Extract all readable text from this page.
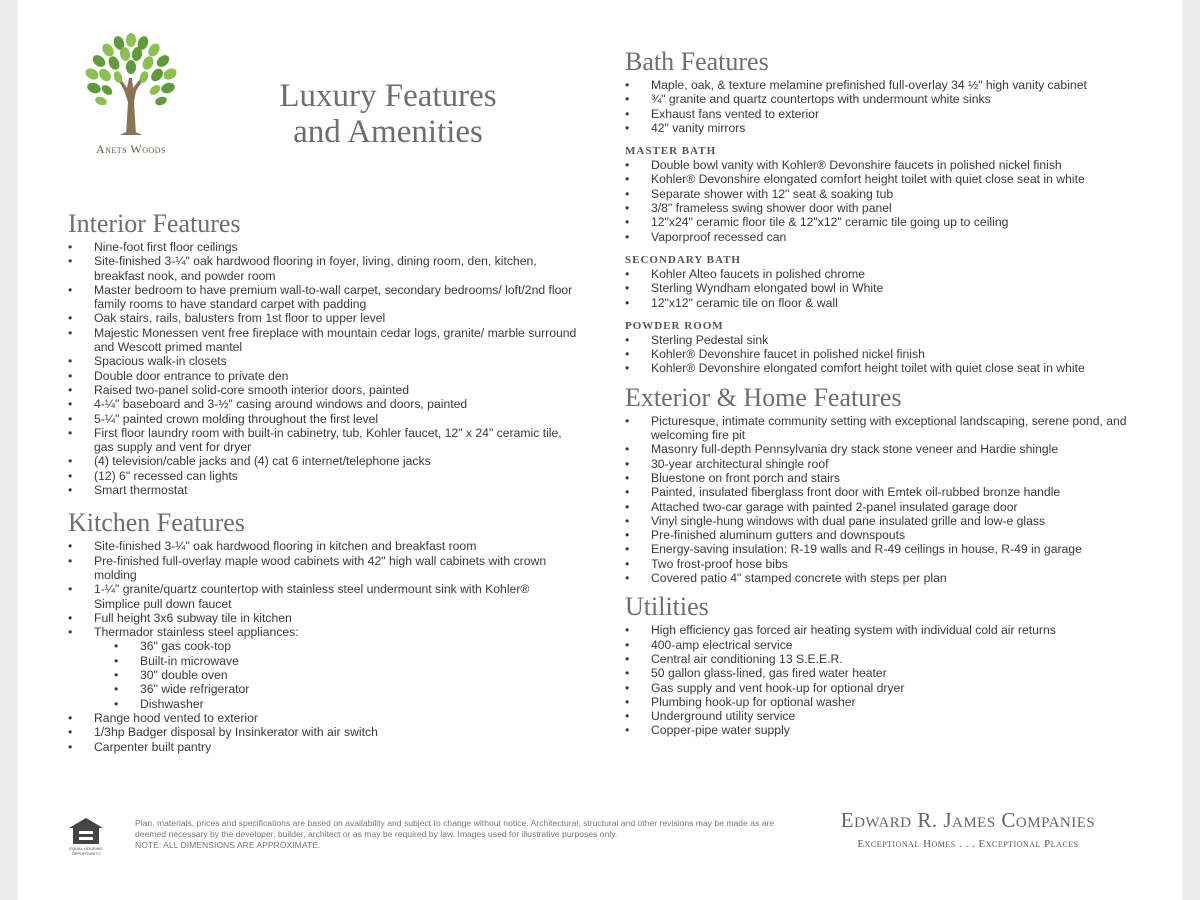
Anets Woods
Luxury Features
and Amenities
Interior Features
• Nine-foot first floor ceilings
• Site-finished 3-¼" oak hardwood flooring in foyer, living, dining room, den, kitchen, breakfast nook, and powder room
• Master bedroom to have premium wall-to-wall carpet, secondary bedrooms/ loft/2nd floor family rooms to have standard carpet with padding
• Oak stairs, rails, balusters from 1st floor to upper level
• Majestic Monessen vent free fireplace with mountain cedar logs, granite/ marble surround and Wescott primed mantel
• Spacious walk-in closets
• Double door entrance to private den
• Raised two-panel solid-core smooth interior doors, painted
• 4-¼" baseboard and 3-½" casing around windows and doors, painted
• 5-¼" painted crown molding throughout the first level
• First floor laundry room with built-in cabinetry, tub, Kohler faucet, 12" x 24" ceramic tile, gas supply and vent for dryer
• (4) television/cable jacks and (4) cat 6 internet/telephone jacks
• (12) 6" recessed can lights
• Smart thermostat
Kitchen Features
• Site-finished 3-¼" oak hardwood flooring in kitchen and breakfast room
• Pre-finished full-overlay maple wood cabinets with 42" high wall cabinets with crown molding
• 1-¼" granite/quartz countertop with stainless steel undermount sink with Kohler® Simplice pull down faucet
• Full height 3x6 subway tile in kitchen
• Thermador stainless steel appliances:
• 36" gas cook-top
• Built-in microwave
• 30" double oven
• 36" wide refrigerator
• Dishwasher
• Range hood vented to exterior
• 1/3hp Badger disposal by Insinkerator with air switch
• Carpenter built pantry
Bath Features
• Maple, oak, & texture melamine prefinished full-overlay 34 ½" high vanity cabinet
• ¾" granite and quartz countertops with undermount white sinks
• Exhaust fans vented to exterior
• 42" vanity mirrors
MASTER BATH
• Double bowl vanity with Kohler® Devonshire faucets in polished nickel finish
• Kohler® Devonshire elongated comfort height toilet with quiet close seat in white
• Separate shower with 12" seat & soaking tub
• 3/8" frameless swing shower door with panel
• 12"x24" ceramic floor tile & 12"x12" ceramic tile going up to ceiling
• Vaporproof recessed can
SECONDARY BATH
• Kohler Alteo faucets in polished chrome
• Sterling Wyndham elongated bowl in White
• 12"x12" ceramic tile on floor & wall
POWDER ROOM
• Sterling Pedestal sink
• Kohler® Devonshire faucet in polished nickel finish
• Kohler® Devonshire elongated comfort height toilet with quiet close seat in white
Exterior & Home Features
• Picturesque, intimate community setting with exceptional landscaping, serene pond, and welcoming fire pit
• Masonry full-depth Pennsylvania dry stack stone veneer and Hardie shingle
• 30-year architectural shingle roof
• Bluestone on front porch and stairs
• Painted, insulated fiberglass front door with Emtek oil-rubbed bronze handle
• Attached two-car garage with painted 2-panel insulated garage door
• Vinyl single-hung windows with dual pane insulated grille and low-e glass
• Pre-finished aluminum gutters and downspouts
• Energy-saving insulation: R-19 walls and R-49 ceilings in house, R-49 in garage
• Two frost-proof hose bibs
• Covered patio 4" stamped concrete with steps per plan
Utilities
• High efficiency gas forced air heating system with individual cold air returns
• 400-amp electrical service
• Central air conditioning 13 S.E.E.R.
• 50 gallon glass-lined, gas fired water heater
• Gas supply and vent hook-up for optional dryer
• Plumbing hook-up for optional washer
• Underground utility service
• Copper-pipe water supply
EQUAL HOUSING OPPORTUNITY
Plan, materials, prices and specifications are based on availability and subject to change without notice. Architectural, structural and other revisions may be made as are deemed necessary by the developer, builder, architect or as may be required by law. Images used for illustrative purposes only.
NOTE: ALL DIMENSIONS ARE APPROXIMATE.
Edward R. James Companies
Exceptional Homes . . . Exceptional Places
